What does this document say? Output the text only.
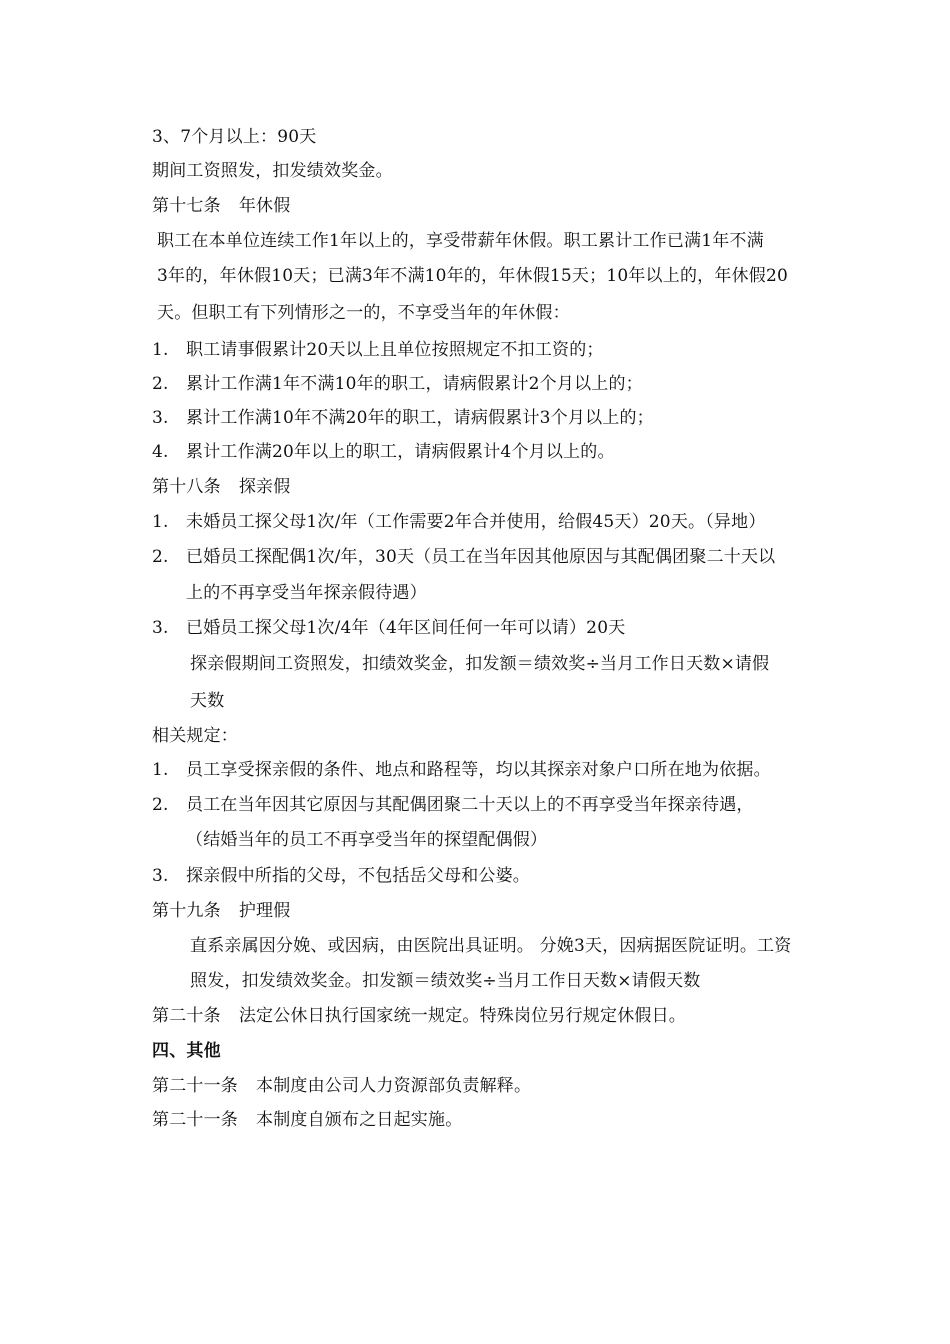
3、7个月以上：90天
期间工资照发，扣发绩效奖金。
第十七条 年休假
职工在本单位连续工作1年以上的，享受带薪年休假。职工累计工作已满1年不满
3年的，年休假10天；已满3年不满10年的，年休假15天；10年以上的，年休假20
天。但职工有下列情形之一的，不享受当年的年休假：
1. 职工请事假累计20天以上且单位按照规定不扣工资的；
2. 累计工作满1年不满10年的职工，请病假累计2个月以上的；
3. 累计工作满10年不满20年的职工，请病假累计3个月以上的；
4. 累计工作满20年以上的职工，请病假累计4个月以上的。
第十八条 探亲假
1. 未婚员工探父母1次/年（工作需要2年合并使用，给假45天）20天。（异地）
2. 已婚员工探配偶1次/年，30天（员工在当年因其他原因与其配偶团聚二十天以
上的不再享受当年探亲假待遇）
3. 已婚员工探父母1次/4年（4年区间任何一年可以请）20天
探亲假期间工资照发，扣绩效奖金，扣发额＝绩效奖÷当月工作日天数×请假
天数
相关规定：
1. 员工享受探亲假的条件、地点和路程等，均以其探亲对象户口所在地为依据。
2. 员工在当年因其它原因与其配偶团聚二十天以上的不再享受当年探亲待遇，
（结婚当年的员工不再享受当年的探望配偶假）
3. 探亲假中所指的父母，不包括岳父母和公婆。
第十九条 护理假
直系亲属因分娩、或因病，由医院出具证明。 分娩3天，因病据医院证明。工资
照发，扣发绩效奖金。扣发额＝绩效奖÷当月工作日天数×请假天数
第二十条 法定公休日执行国家统一规定。特殊岗位另行规定休假日。
四、其他
第二十一条 本制度由公司人力资源部负责解释。
第二十一条 本制度自颁布之日起实施。
